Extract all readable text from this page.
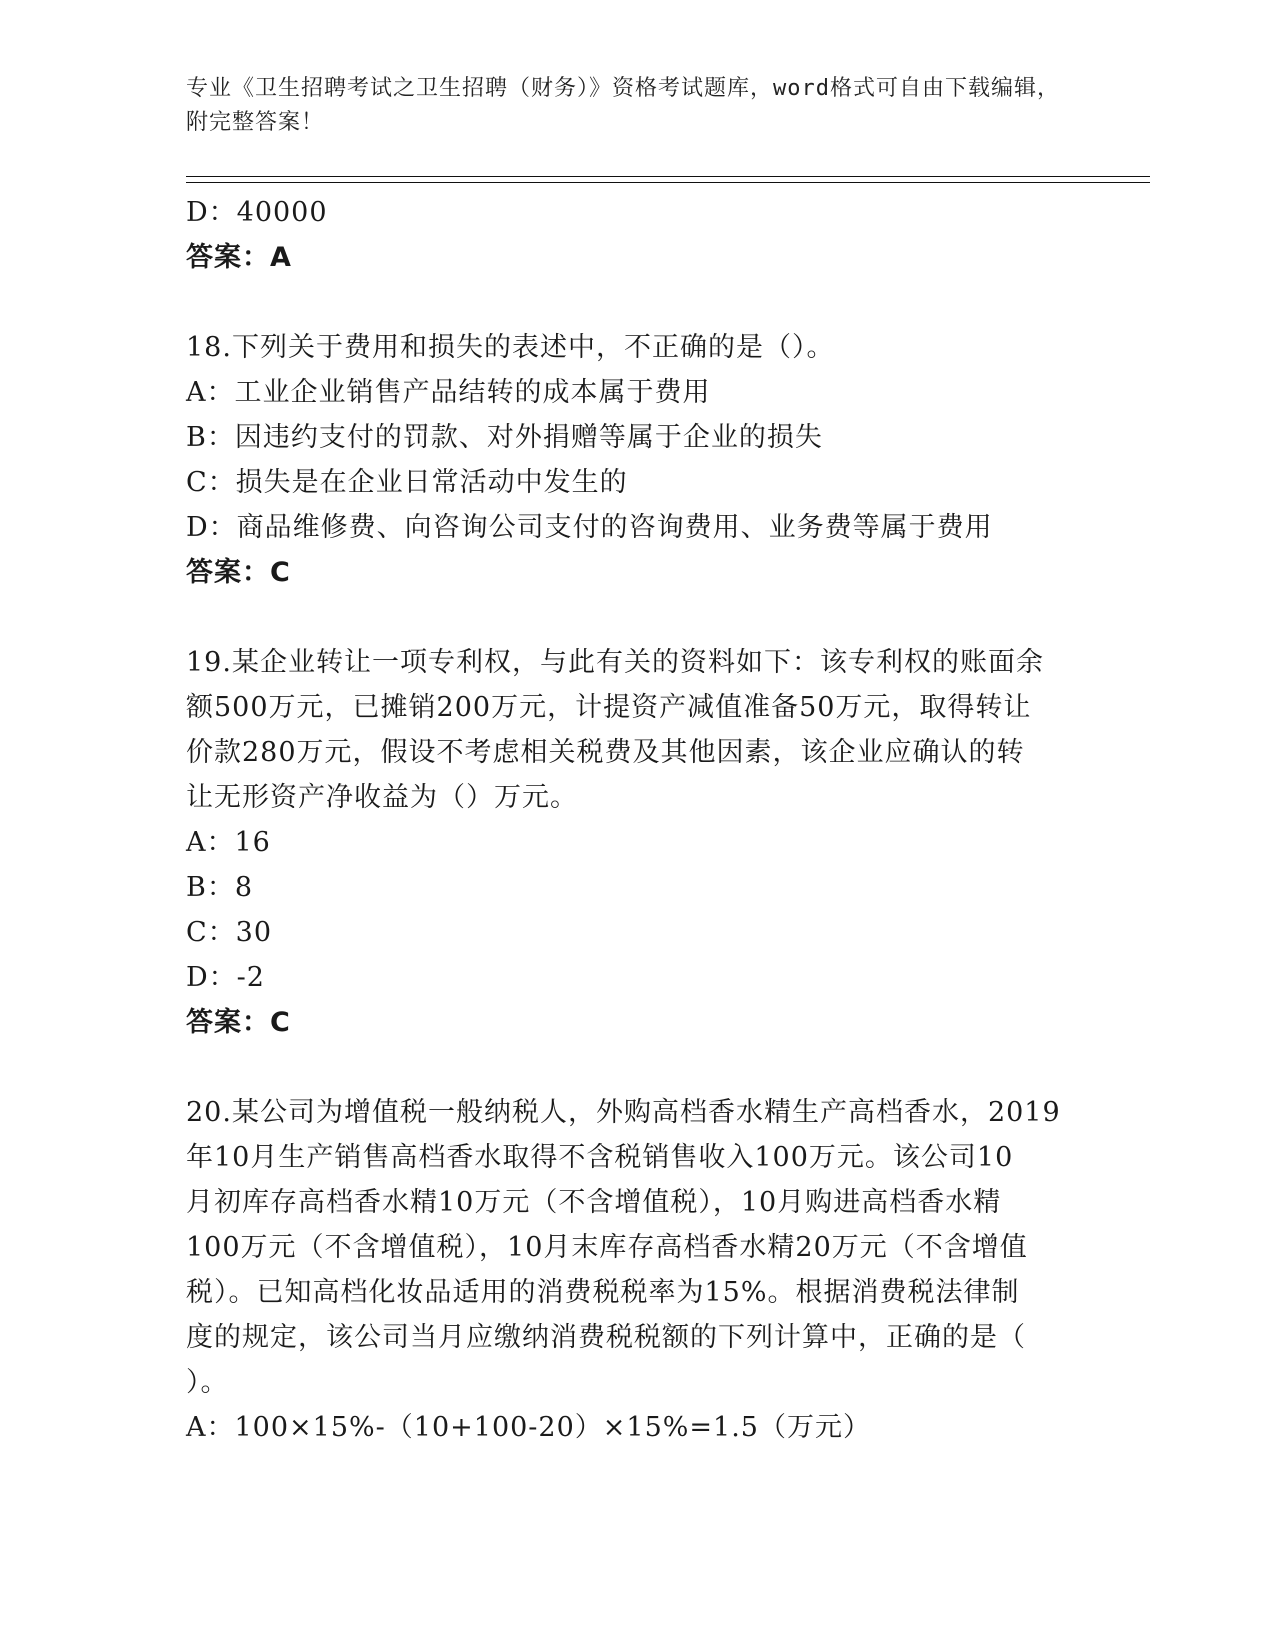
专业《卫生招聘考试之卫生招聘（财务）》资格考试题库，word格式可自由下载编辑，附完整答案！
D：40000
答案：A
18.下列关于费用和损失的表述中，不正确的是（）。
A：工业企业销售产品结转的成本属于费用
B：因违约支付的罚款、对外捐赠等属于企业的损失
C：损失是在企业日常活动中发生的
D：商品维修费、向咨询公司支付的咨询费用、业务费等属于费用
答案：C
19.某企业转让一项专利权，与此有关的资料如下：该专利权的账面余
额500万元，已摊销200万元，计提资产减值准备50万元，取得转让
价款280万元，假设不考虑相关税费及其他因素，该企业应确认的转
让无形资产净收益为（）万元。
A：16
B：8
C：30
D：-2
答案：C
20.某公司为增值税一般纳税人，外购高档香水精生产高档香水，2019
年10月生产销售高档香水取得不含税销售收入100万元。该公司10
月初库存高档香水精10万元（不含增值税），10月购进高档香水精
100万元（不含增值税），10月末库存高档香水精20万元（不含增值
税）。已知高档化妆品适用的消费税税率为15%。根据消费税法律制
度的规定，该公司当月应缴纳消费税税额的下列计算中，正确的是（
）。
A：100×15%-（10+100-20）×15%=1.5（万元）
